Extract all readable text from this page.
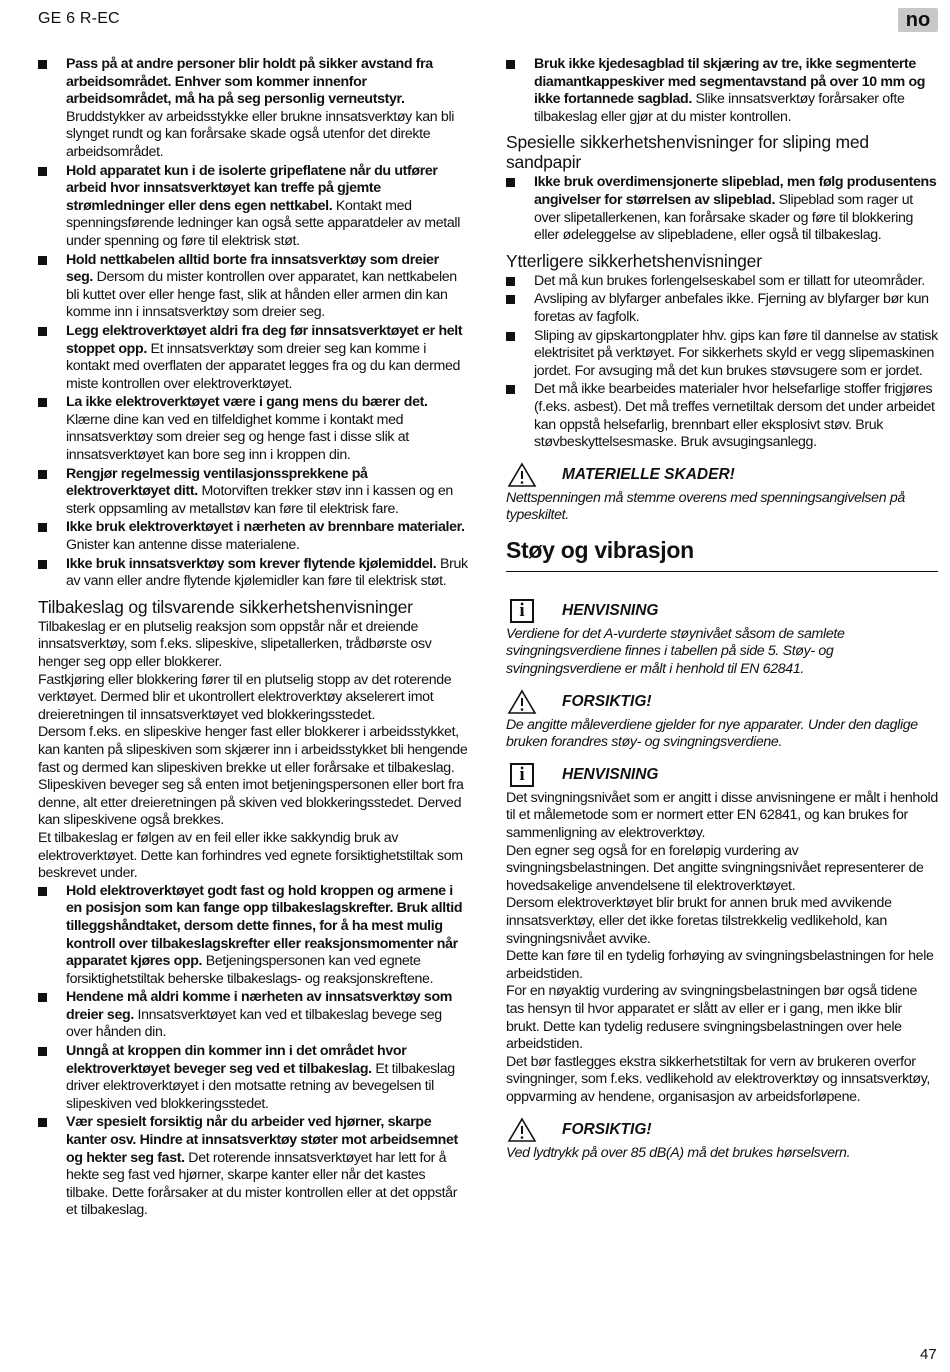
GE 6 R-EC	no
Pass på at andre personer blir holdt på sikker avstand fra arbeidsområdet. Enhver som kommer innenfor arbeidsområdet, må ha på seg personlig verneutstyr. Bruddstykker av arbeidsstykke eller brukne innsatsverktøy kan bli slynget rundt og kan forårsake skade også utenfor det direkte arbeidsområdet.
Hold apparatet kun i de isolerte gripeflatene når du utfører arbeid hvor innsatsverktøyet kan treffe på gjemte strømledninger eller dens egen nettkabel. Kontakt med spenningsførende ledninger kan også sette apparatdeler av metall under spenning og føre til elektrisk støt.
Hold nettkabelen alltid borte fra innsatsverktøy som dreier seg. Dersom du mister kontrollen over apparatet, kan nettkabelen bli kuttet over eller henge fast, slik at hånden eller armen din kan komme inn i innsatsverktøy som dreier seg.
Legg elektroverktøyet aldri fra deg før innsatsverktøyet er helt stoppet opp. Et innsatsverktøy som dreier seg kan komme i kontakt med overflaten der apparatet legges fra og du kan dermed miste kontrollen over elektroverktøyet.
La ikke elektroverktøyet være i gang mens du bærer det. Klærne dine kan ved en tilfeldighet komme i kontakt med innsatsverktøy som dreier seg og henge fast i disse slik at innsatsverktøyet kan bore seg inn i kroppen din.
Rengjør regelmessig ventilasjonssprekkene på elektroverktøyet ditt. Motorviften trekker støv inn i kassen og en sterk oppsamling av metallstøv kan føre til elektrisk fare.
Ikke bruk elektroverktøyet i nærheten av brennbare materialer. Gnister kan antenne disse materialene.
Ikke bruk innsatsverktøy som krever flytende kjølemiddel. Bruk av vann eller andre flytende kjølemidler kan føre til elektrisk støt.
Tilbakeslag og tilsvarende sikkerhetshenvisninger

Tilbakeslag er en plutselig reaksjon som oppstår når et dreiende innsatsverktøy, som f.eks. slipeskive, slipetallerken, trådbørste osv henger seg opp eller blokkerer.

Fastkjøring eller blokkering fører til en plutselig stopp av det roterende verktøyet. Dermed blir et ukontrollert elektroverktøy akselerert imot dreieretningen til innsatsverktøyet ved blokkeringsstedet.

Dersom f.eks. en slipeskive henger fast eller blokkerer i arbeidsstykket, kan kanten på slipeskiven som skjærer inn i arbeidsstykket bli hengende fast og dermed kan slipeskiven brekke ut eller forårsake et tilbakeslag. Slipeskiven beveger seg så enten imot betjeningspersonen eller bort fra denne, alt etter dreieretningen på skiven ved blokkeringsstedet. Derved kan slipeskivene også brekkes.

Et tilbakeslag er følgen av en feil eller ikke sakkyndig bruk av elektroverktøyet. Dette kan forhindres ved egnete forsiktighetstiltak som beskrevet under.

Hold elektroverktøyet godt fast og hold kroppen og armene i en posisjon som kan fange opp tilbakeslagskrefter. Bruk alltid tilleggshåndtaket, dersom dette finnes, for å ha mest mulig kontroll over tilbakeslagskrefter eller reaksjonsmomenter når apparatet kjøres opp. Betjeningspersonen kan ved egnete forsiktighetstiltak beherske tilbakeslags- og reaksjonskreftene.
Hendene må aldri komme i nærheten av innsatsverktøy som dreier seg. Innsatsverktøyet kan ved et tilbakeslag bevege seg over hånden din.
Unngå at kroppen din kommer inn i det området hvor elektroverktøyet beveger seg ved et tilbakeslag. Et tilbakeslag driver elektroverktøyet i den motsatte retning av bevegelsen til slipeskiven ved blokkeringsstedet.
Vær spesielt forsiktig når du arbeider ved hjørner, skarpe kanter osv. Hindre at innsatsverktøy støter mot arbeidsemnet og hekter seg fast. Det roterende innsatsverktøyet har lett for å hekte seg fast ved hjørner, skarpe kanter eller når det kastes tilbake. Dette forårsaker at du mister kontrollen eller at det oppstår et tilbakeslag.
Bruk ikke kjedesagblad til skjæring av tre, ikke segmenterte diamantkappeskiver med segmentavstand på over 10 mm og ikke fortannede sagblad. Slike innsatsverktøy forårsaker ofte tilbakeslag eller gjør at du mister kontrollen.
Spesielle sikkerhetshenvisninger for sliping med sandpapir
Ikke bruk overdimensjonerte slipeblad, men følg produsentens angivelser for størrelsen av slipeblad. Slipeblad som rager ut over slipetallerkenen, kan forårsake skader og føre til blokkering eller ødeleggelse av slipebladene, eller også til tilbakeslag.
Ytterligere sikkerhetshenvisninger
Det må kun brukes forlengelseskabel som er tillatt for uteområder.
Avsliping av blyfarger anbefales ikke. Fjerning av blyfarger bør kun foretas av fagfolk.
Sliping av gipskartongplater hhv. gips kan føre til dannelse av statisk elektrisitet på verktøyet. For sikkerhets skyld er vegg slipemaskinen jordet. For avsuging må det kun brukes støvsugere som er jordet.
Det må ikke bearbeides materialer hvor helsefarlige stoffer frigjøres (f.eks. asbest). Det må treffes vernetiltak dersom det under arbeidet kan oppstå helsefarlig, brennbart eller eksplosivt støv. Bruk støvbeskyttelsesmaske. Bruk avsugingsanlegg.
MATERIELLE SKADER!

Nettspenningen må stemme overens med spenningsangivelsen på typeskiltet.

Støy og vibrasjon
i	HENVISNING

Verdiene for det A-vurderte støynivået såsom de samlete svingningsverdiene finnes i tabellen på side 5. Støy- og svingningsverdiene er målt i henhold til EN 62841.

FORSIKTIG!

De angitte måleverdiene gjelder for nye apparater. Under den daglige bruken forandres støy- og svingningsverdiene.

i	HENVISNING

Det svingningsnivået som er angitt i disse anvisningene er målt i henhold til et målemetode som er normert etter EN 62841, og kan brukes for sammenligning av elektroverktøy.

Den egner seg også for en foreløpig vurdering av svingningsbelastningen. Det angitte svingningsnivået representerer de hovedsakelige anvendelsene til elektroverktøyet.

Dersom elektroverktøyet blir brukt for annen bruk med avvikende innsatsverktøy, eller det ikke foretas tilstrekkelig vedlikehold, kan svingningsnivået avvike.

Dette kan føre til en tydelig forhøying av svingningsbelastningen for hele arbeidstiden.

For en nøyaktig vurdering av svingningsbelastningen bør også tidene tas hensyn til hvor apparatet er slått av eller er i gang, men ikke blir brukt. Dette kan tydelig redusere svingningsbelastningen over hele arbeidstiden.

Det bør fastlegges ekstra sikkerhetstiltak for vern av brukeren overfor svingninger, som f.eks. vedlikehold av elektroverktøy og innsatsverktøy, oppvarming av hendene, organisasjon av arbeidsforløpene.

FORSIKTIG!

Ved lydtrykk på over 85 dB(A) må det brukes hørselsvern.

47
